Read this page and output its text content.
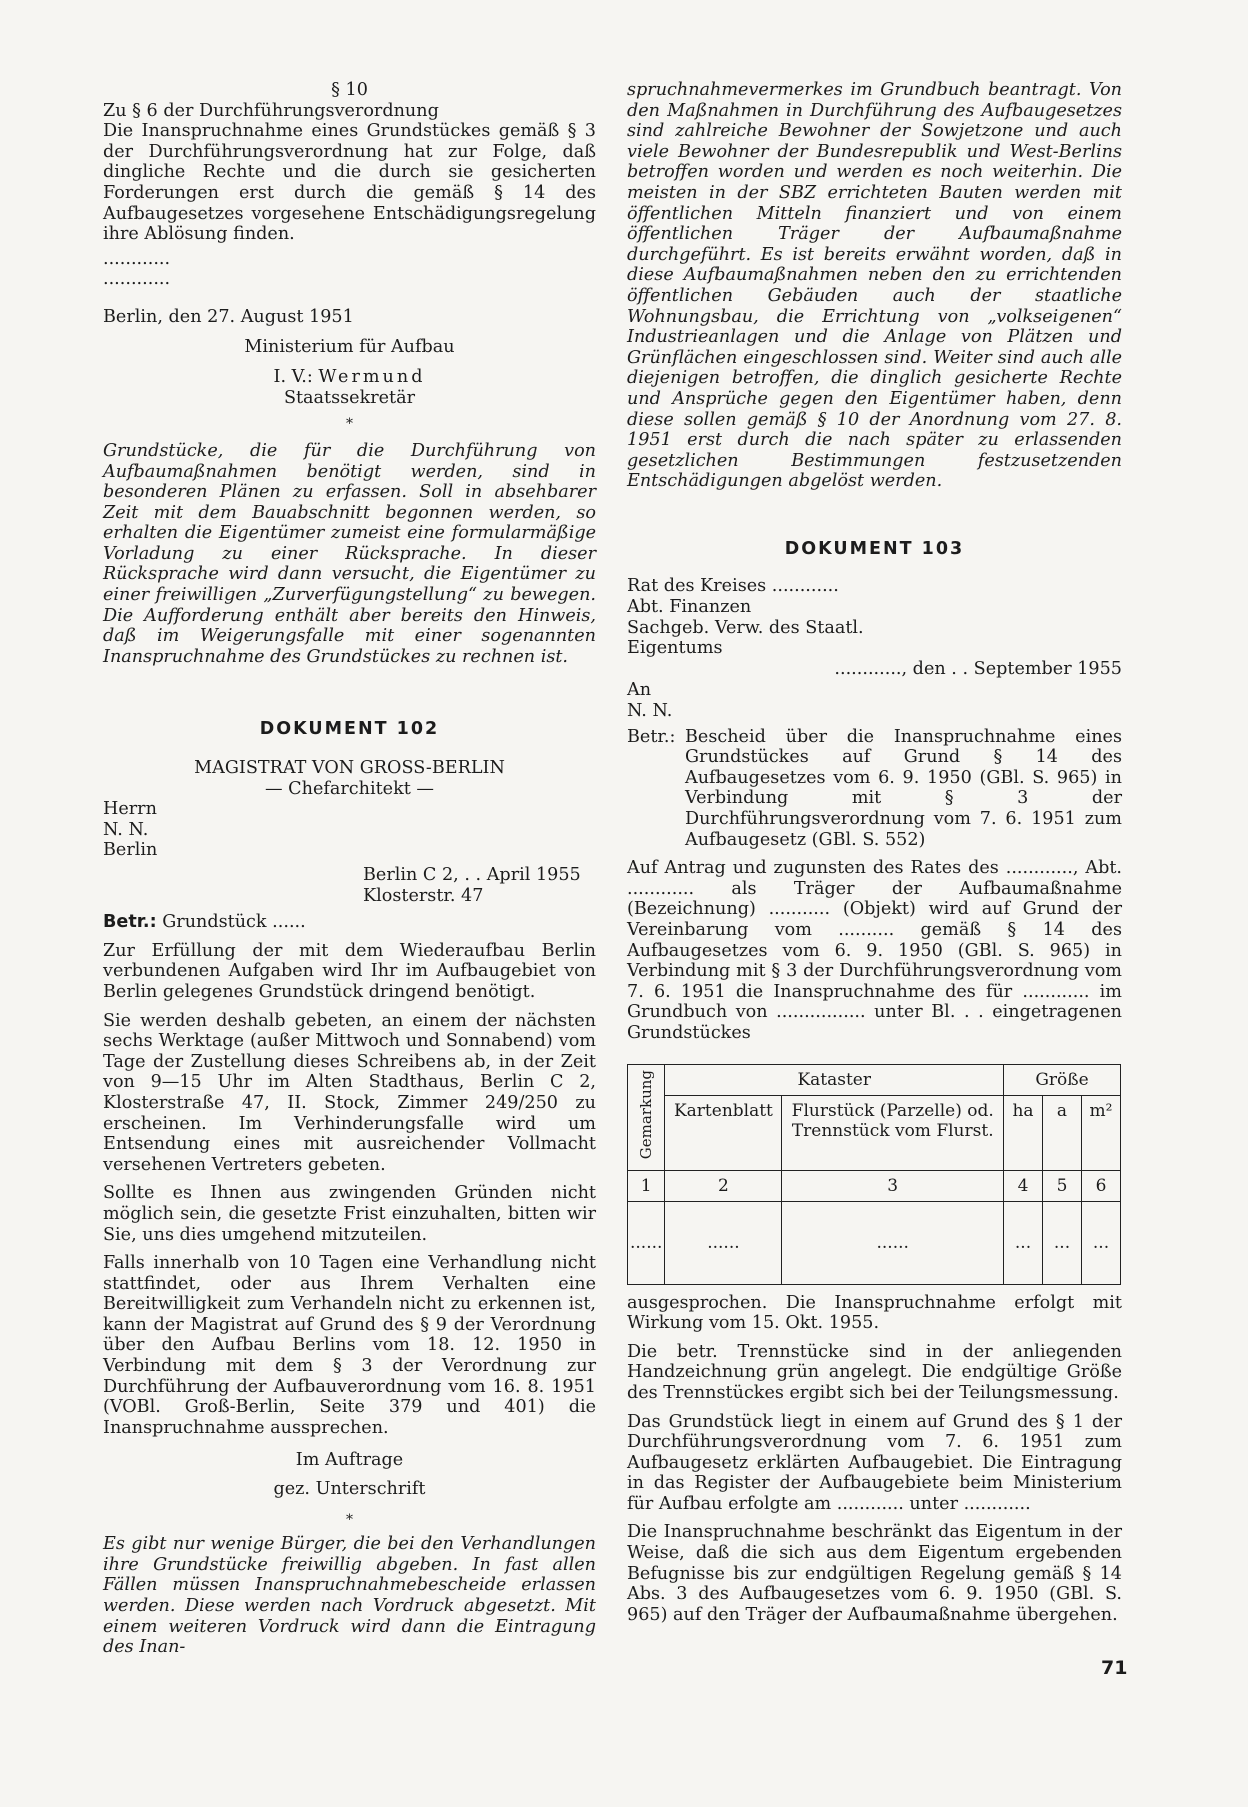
§ 10

Zu § 6 der Durchführungsverordnung

Die Inanspruchnahme eines Grundstückes gemäß § 3 der Durchführungsverordnung hat zur Folge, daß dingliche Rechte und die durch sie gesicherten Forderungen erst durch die gemäß § 14 des Aufbaugesetzes vorgesehene Entschädigungsregelung ihre Ablösung finden.

............

............

Berlin, den 27. August 1951

Ministerium für Aufbau

I. V.: Wermund

Staatssekretär

*

Grundstücke, die für die Durchführung von Aufbaumaßnahmen benötigt werden, sind in besonderen Plänen zu erfassen. Soll in absehbarer Zeit mit dem Bauabschnitt begonnen werden, so erhalten die Eigentümer zumeist eine formularmäßige Vorladung zu einer Rücksprache. In dieser Rücksprache wird dann versucht, die Eigentümer zu einer freiwilligen „Zurverfügungstellung“ zu bewegen. Die Aufforderung enthält aber bereits den Hinweis, daß im Weigerungsfalle mit einer sogenannten Inanspruchnahme des Grundstückes zu rechnen ist.

DOKUMENT 102

MAGISTRAT VON GROSS-BERLIN

— Chefarchitekt —

Herrn

N. N.

Berlin

Berlin C 2, . . April 1955

Klosterstr. 47

Betr.: Grundstück ......

Zur Erfüllung der mit dem Wiederaufbau Berlin verbundenen Aufgaben wird Ihr im Aufbaugebiet von Berlin gelegenes Grundstück dringend benötigt.

Sie werden deshalb gebeten, an einem der nächsten sechs Werktage (außer Mittwoch und Sonnabend) vom Tage der Zustellung dieses Schreibens ab, in der Zeit von 9—15 Uhr im Alten Stadthaus, Berlin C 2, Klosterstraße 47, II. Stock, Zimmer 249/250 zu erscheinen. Im Verhinderungsfalle wird um Entsendung eines mit ausreichender Vollmacht versehenen Vertreters gebeten.

Sollte es Ihnen aus zwingenden Gründen nicht möglich sein, die gesetzte Frist einzuhalten, bitten wir Sie, uns dies umgehend mitzuteilen.

Falls innerhalb von 10 Tagen eine Verhandlung nicht stattfindet, oder aus Ihrem Verhalten eine Bereitwilligkeit zum Verhandeln nicht zu erkennen ist, kann der Magistrat auf Grund des § 9 der Verordnung über den Aufbau Berlins vom 18. 12. 1950 in Verbindung mit dem § 3 der Verordnung zur Durchführung der Aufbauverordnung vom 16. 8. 1951 (VOBl. Groß-Berlin, Seite 379 und 401) die Inanspruchnahme aussprechen.

Im Auftrage

gez. Unterschrift

*

Es gibt nur wenige Bürger, die bei den Verhandlungen ihre Grundstücke freiwillig abgeben. In fast allen Fällen müssen Inanspruchnahmebescheide erlassen werden. Diese werden nach Vordruck abgesetzt. Mit einem weiteren Vordruck wird dann die Eintragung des Inan-

spruchnahmevermerkes im Grundbuch beantragt. Von den Maßnahmen in Durchführung des Aufbaugesetzes sind zahlreiche Bewohner der Sowjetzone und auch viele Bewohner der Bundesrepublik und West-Berlins betroffen worden und werden es noch weiterhin. Die meisten in der SBZ errichteten Bauten werden mit öffentlichen Mitteln finanziert und von einem öffentlichen Träger der Aufbaumaßnahme durchgeführt. Es ist bereits erwähnt worden, daß in diese Aufbaumaßnahmen neben den zu errichtenden öffentlichen Gebäuden auch der staatliche Wohnungsbau, die Errichtung von „volkseigenen“ Industrieanlagen und die Anlage von Plätzen und Grünflächen eingeschlossen sind. Weiter sind auch alle diejenigen betroffen, die dinglich gesicherte Rechte und Ansprüche gegen den Eigentümer haben, denn diese sollen gemäß § 10 der Anordnung vom 27. 8. 1951 erst durch die nach später zu erlassenden gesetzlichen Bestimmungen festzusetzenden Entschädigungen abgelöst werden.

DOKUMENT 103

Rat des Kreises ............

Abt. Finanzen

Sachgeb. Verw. des Staatl.

Eigentums

............, den . . September 1955

An

N. N.

Betr.: Bescheid über die Inanspruchnahme eines Grundstückes auf Grund § 14 des Aufbaugesetzes vom 6. 9. 1950 (GBl. S. 965) in Verbindung mit § 3 der Durchführungsverordnung vom 7. 6. 1951 zum Aufbaugesetz (GBl. S. 552)

Auf Antrag und zugunsten des Rates des ............, Abt. ............ als Träger der Aufbaumaßnahme (Bezeichnung) ........... (Objekt) wird auf Grund der Vereinbarung vom .......... gemäß § 14 des Aufbaugesetzes vom 6. 9. 1950 (GBl. S. 965) in Verbindung mit § 3 der Durchführungsverordnung vom 7. 6. 1951 die Inanspruchnahme des für ............ im Grundbuch von ................ unter Bl. . . eingetragenen Grundstückes

Gemarkung	Kataster		Größe		
	Kartenblatt	Flurstück (Parzelle) od. Trennstück vom Flurst.	ha	a	m²
1	2	3	4	5	6
......	......	......	...	...	...

ausgesprochen. Die Inanspruchnahme erfolgt mit Wirkung vom 15. Okt. 1955.

Die betr. Trennstücke sind in der anliegenden Handzeichnung grün angelegt. Die endgültige Größe des Trennstückes ergibt sich bei der Teilungsmessung.

Das Grundstück liegt in einem auf Grund des § 1 der Durchführungsverordnung vom 7. 6. 1951 zum Aufbaugesetz erklärten Aufbaugebiet. Die Eintragung in das Register der Aufbaugebiete beim Ministerium für Aufbau erfolgte am ............ unter ............

Die Inanspruchnahme beschränkt das Eigentum in der Weise, daß die sich aus dem Eigentum ergebenden Befugnisse bis zur endgültigen Regelung gemäß § 14 Abs. 3 des Aufbaugesetzes vom 6. 9. 1950 (GBl. S. 965) auf den Träger der Aufbaumaßnahme übergehen.

71
